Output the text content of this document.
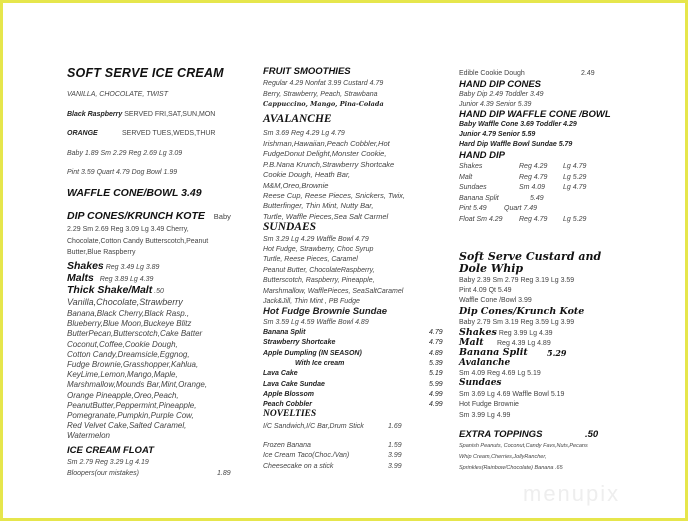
menupix
SOFT SERVE ICE CREAM
VANILLA, CHOCOLATE, TWIST
Black Raspberry SERVED FRI,SAT,SUN,MON
ORANGE	SERVED TUES,WEDS,THUR
Baby 1.89 Sm 2.29 Reg 2.69 Lg 3.09
Pint 3.59 Quart 4.79 Dog Bowl 1.99
WAFFLE CONE/BOWL 3.49
DIP CONES/KRUNCH KOTE Baby
2.29 Sm 2.69 Reg 3.09 Lg 3.49 Cherry,
Chocolate,Cotton Candy Butterscotch,Peanut
Butter,Blue Raspberry
Shakes Reg 3.49 Lg 3.89
Malts Reg 3.89 Lg 4.39
Thick Shake/Malt .50
Vanilla,Chocolate,Strawberry
Banana,Black Cherry,Black Rasp.,
Blueberry,Blue Moon,Buckeye Blitz
ButterPecan,Butterscotch,Cake Batter
Coconut,Coffee,Cookie Dough,
Cotton Candy,Dreamsicle,Eggnog,
Fudge Brownie,Grasshopper,Kahlua,
KeyLime,Lemon,Mango,Maple,
Marshmallow,Mounds Bar,Mint,Orange,
Orange Pineapple,Oreo,Peach,
PeanutButter,Peppermint,Pineapple,
Pomegranate,Pumpkin,Purple Cow,
Red Velvet Cake,Salted Caramel,
Watermelon
ICE CREAM FLOAT
Sm 2.79 Reg 3.29 Lg 4.19
Bloopers(our mistakes)	1.89
FRUIT SMOOTHIES
Regular 4.29 Nonfat 3.99 Custard 4.79
Berry, Strawberry, Peach, Strawbana
Cappuccino, Mango, Pina-Colada
AVALANCHE
Sm 3.69 Reg 4.29 Lg 4.79
Irishman,Hawaiian,Peach Cobbler,Hot
FudgeDonut Delight,Monster Cookie,
P.B.Nana Krunch,Strawberry Shortcake
Cookie Dough, Heath Bar,
M&M,Oreo,Brownie
Reese Cup, Reese Pieces, Snickers, Twix,
Butterfinger, Thin Mint, Nutty Bar,
Turtle, Waffle Pieces,Sea Salt Carmel
SUNDAES
Sm 3.29 Lg 4.29 Waffle Bowl 4.79
Hot Fudge, Strawberry, Choc Syrup
Turtle, Reese Pieces, Caramel
Peanut Butter, ChocolateRaspberry,
Butterscotch, Raspberry, Pineapple,
Marshmallow, WafflePieces, SeaSaltCaramel
Jack&Jill, Thin Mint , PB Fudge
Hot Fudge Brownie Sundae
Sm 3.59 Lg 4.59 Waffle Bowl 4.89
Banana Split	4.79
Strawberry Shortcake	4.79
Apple Dumpling (IN SEASON)	4.89
With Ice cream	5.39
Lava Cake	5.19
Lava Cake Sundae	5.99
Apple Blossom	4.99
Peach Cobbler	4.99
NOVELTIES
I/C Sandwich,I/C Bar,Drum Stick	1.69
Frozen Banana	1.59
Ice Cream Taco(Choc./Van)	3.99
Cheesecake on a stick	3.99
Edible Cookie Dough	2.49
HAND DIP CONES
Baby Dip 2.49 Toddler 3.49
Junior 4.39 Senior 5.39
HAND DIP WAFFLE CONE /BOWL
Baby Waffle Cone 3.69 Toddler 4.29
Junior 4.79 Senior 5.59
Hard Dip Waffle Bowl Sundae 5.79
HAND DIP
Shakes	Reg 4.29 Lg 4.79
Malt	Reg 4.79 Lg 5.29
Sundaes	Sm 4.09	Lg 4.79
Banana Split	5.49
Pint 5.49 Quart 7.49
Float Sm 4.29 Reg 4.79 Lg 5.29
Soft Serve Custard and
Dole Whip
Baby 2.39 Sm 2.79 Reg 3.19 Lg 3.59
Pint 4.09 Qt 5.49
Waffle Cone /Bowl 3.99
Dip Cones/Krunch Kote
Baby 2.79 Sm 3.19 Reg 3.59 Lg 3.99
Shakes Reg 3.99 Lg 4.39
Malt Reg 4.39 Lg 4.89
Banana Split 5.29
Avalanche
Sm 4.09 Reg 4.69 Lg 5.19
Sundaes
Sm 3.69 Lg 4.69 Waffle Bowl 5.19
Hot Fudge Brownie
Sm 3.99 Lg 4.99
EXTRA TOPPINGS	.50
Spanish Peanuts, Coconut,Candy Favs,Nuts,Pecans
Whip Cream,Cherries,JollyRancher,
Sprinkles(Rainbow/Chocolate) Banana .65
